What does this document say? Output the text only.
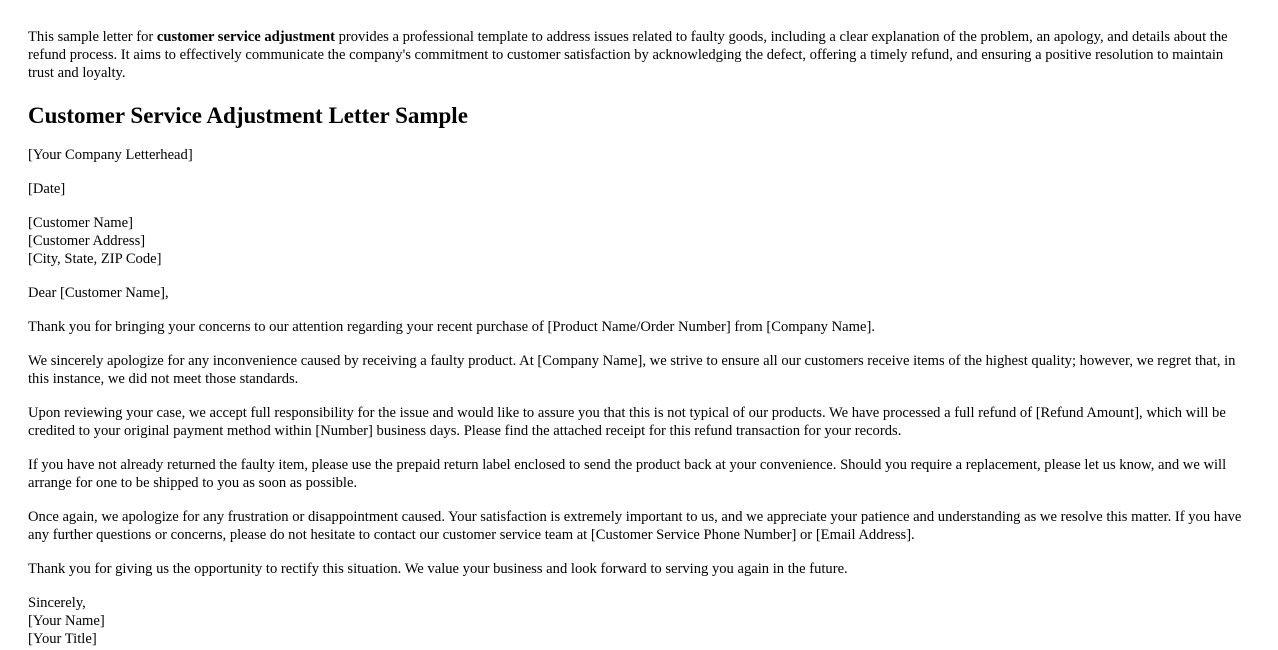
This sample letter for customer service adjustment provides a professional template to address issues related to faulty goods, including a clear explanation of the problem, an apology, and details about the refund process. It aims to effectively communicate the company's commitment to customer satisfaction by acknowledging the defect, offering a timely refund, and ensuring a positive resolution to maintain trust and loyalty.

Customer Service Adjustment Letter Sample

[Your Company Letterhead]

[Date]

[Customer Name]
[Customer Address]
[City, State, ZIP Code]

Dear [Customer Name],

Thank you for bringing your concerns to our attention regarding your recent purchase of [Product Name/Order Number] from [Company Name].

We sincerely apologize for any inconvenience caused by receiving a faulty product. At [Company Name], we strive to ensure all our customers receive items of the highest quality; however, we regret that, in this instance, we did not meet those standards.

Upon reviewing your case, we accept full responsibility for the issue and would like to assure you that this is not typical of our products. We have processed a full refund of [Refund Amount], which will be credited to your original payment method within [Number] business days. Please find the attached receipt for this refund transaction for your records.

If you have not already returned the faulty item, please use the prepaid return label enclosed to send the product back at your convenience. Should you require a replacement, please let us know, and we will arrange for one to be shipped to you as soon as possible.

Once again, we apologize for any frustration or disappointment caused. Your satisfaction is extremely important to us, and we appreciate your patience and understanding as we resolve this matter. If you have any further questions or concerns, please do not hesitate to contact our customer service team at [Customer Service Phone Number] or [Email Address].

Thank you for giving us the opportunity to rectify this situation. We value your business and look forward to serving you again in the future.

Sincerely,
[Your Name]
[Your Title]
